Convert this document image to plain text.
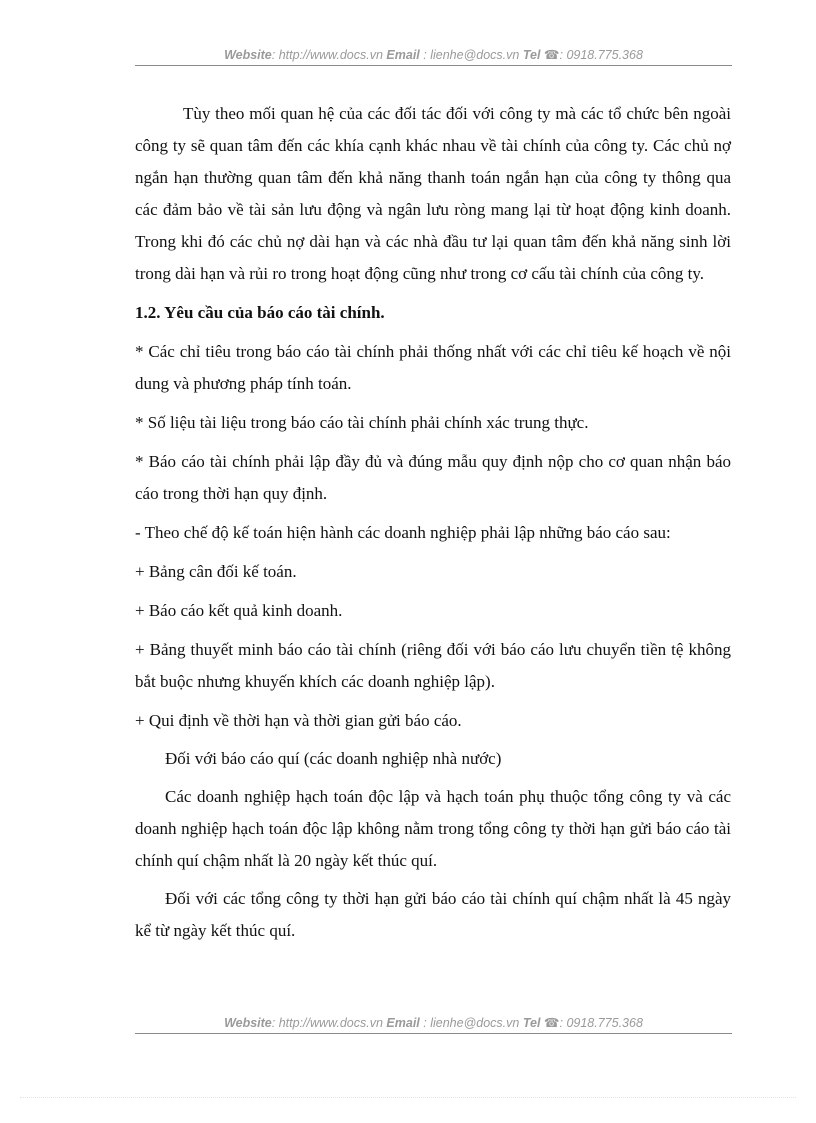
Website: http://www.docs.vn Email : lienhe@docs.vn Tel ☎: 0918.775.368

Tùy theo mối quan hệ của các đối tác đối với công ty mà các tổ chức bên ngoài công ty sẽ quan tâm đến các khía cạnh khác nhau về tài chính của công ty. Các chủ nợ ngắn hạn thường quan tâm đến khả năng thanh toán ngắn hạn của công ty thông qua các đảm bảo về tài sản lưu động và ngân lưu ròng mang lại từ hoạt động kinh doanh. Trong khi đó các chủ nợ dài hạn và các nhà đầu tư lại quan tâm đến khả năng sinh lời trong dài hạn và rủi ro trong hoạt động cũng như trong cơ cấu tài chính của công ty.

1.2. Yêu cầu của báo cáo tài chính.

* Các chỉ tiêu trong báo cáo tài chính phải thống nhất với các chỉ tiêu kế hoạch về nội dung và phương pháp tính toán.

* Số liệu tài liệu trong báo cáo tài chính phải chính xác trung thực.

* Báo cáo tài chính phải lập đầy đủ và đúng mẫu quy định nộp cho cơ quan nhận báo cáo trong thời hạn quy định.

- Theo chế độ kế toán hiện hành các doanh nghiệp phải lập những báo cáo sau:

+ Bảng cân đối kế toán.

+ Báo cáo kết quả kinh doanh.

+ Bảng thuyết minh báo cáo tài chính (riêng đối với báo cáo lưu chuyển tiền tệ không bắt buộc nhưng khuyến khích các doanh nghiệp lập).

+ Qui định về thời hạn và thời gian gửi báo cáo.

Đối với báo cáo quí (các doanh nghiệp nhà nước)

Các doanh nghiệp hạch toán độc lập và hạch toán phụ thuộc tổng công ty và các doanh nghiệp hạch toán độc lập không nằm trong tổng công ty thời hạn gửi báo cáo tài chính quí chậm nhất là 20 ngày kết thúc quí.

Đối với các tổng công ty thời hạn gửi báo cáo tài chính quí chậm nhất là 45 ngày kể từ ngày kết thúc quí.

Website: http://www.docs.vn Email : lienhe@docs.vn Tel ☎: 0918.775.368
